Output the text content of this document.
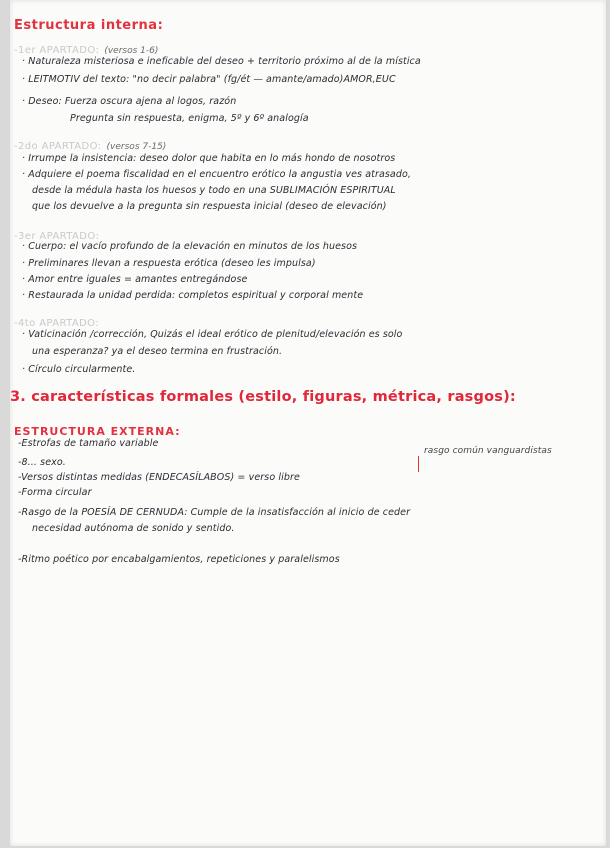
Estructura interna:
-1er APARTADO: (versos 1-6)
· Naturaleza misteriosa e ineficable del deseo + territorio próximo al de la mística
· LEITMOTIV del texto: "no decir palabra" (fg/ét — amante/amado)AMOR,EUC
· Deseo: Fuerza oscura ajena al logos, razón
Pregunta sin respuesta, enigma, 5º y 6º analogía
-2do APARTADO: (versos 7-15)
· Irrumpe la insistencia: deseo dolor que habita en lo más hondo de nosotros
· Adquiere el poema fiscalidad en el encuentro erótico la angustia ves atrasado,
desde la médula hasta los huesos y todo en una SUBLIMACIÓN ESPIRITUAL
que los devuelve a la pregunta sin respuesta inicial (deseo de elevación)
-3er APARTADO:
· Cuerpo: el vacío profundo de la elevación en minutos de los huesos
· Preliminares llevan a respuesta erótica (deseo les impulsa)
· Amor entre iguales = amantes entregándose
· Restaurada la unidad perdida: completos espiritual y corporal mente
-4to APARTADO:
· Vaticinación /corrección, Quizás el ideal erótico de plenitud/elevación es solo
una esperanza? ya el deseo termina en frustración.
· Círculo circularmente.
3. características formales (estilo, figuras, métrica, rasgos):
ESTRUCTURA EXTERNA:
-Estrofas de tamaño variable
rasgo común vanguardistas
-8... sexo.
-Versos distintas medidas (ENDECASÍLABOS) = verso libre
-Forma circular
-Rasgo de la POESÍA DE CERNUDA: Cumple de la insatisfacción al inicio de ceder
necesidad autónoma de sonido y sentido.
-Ritmo poético por encabalgamientos, repeticiones y paralelismos
